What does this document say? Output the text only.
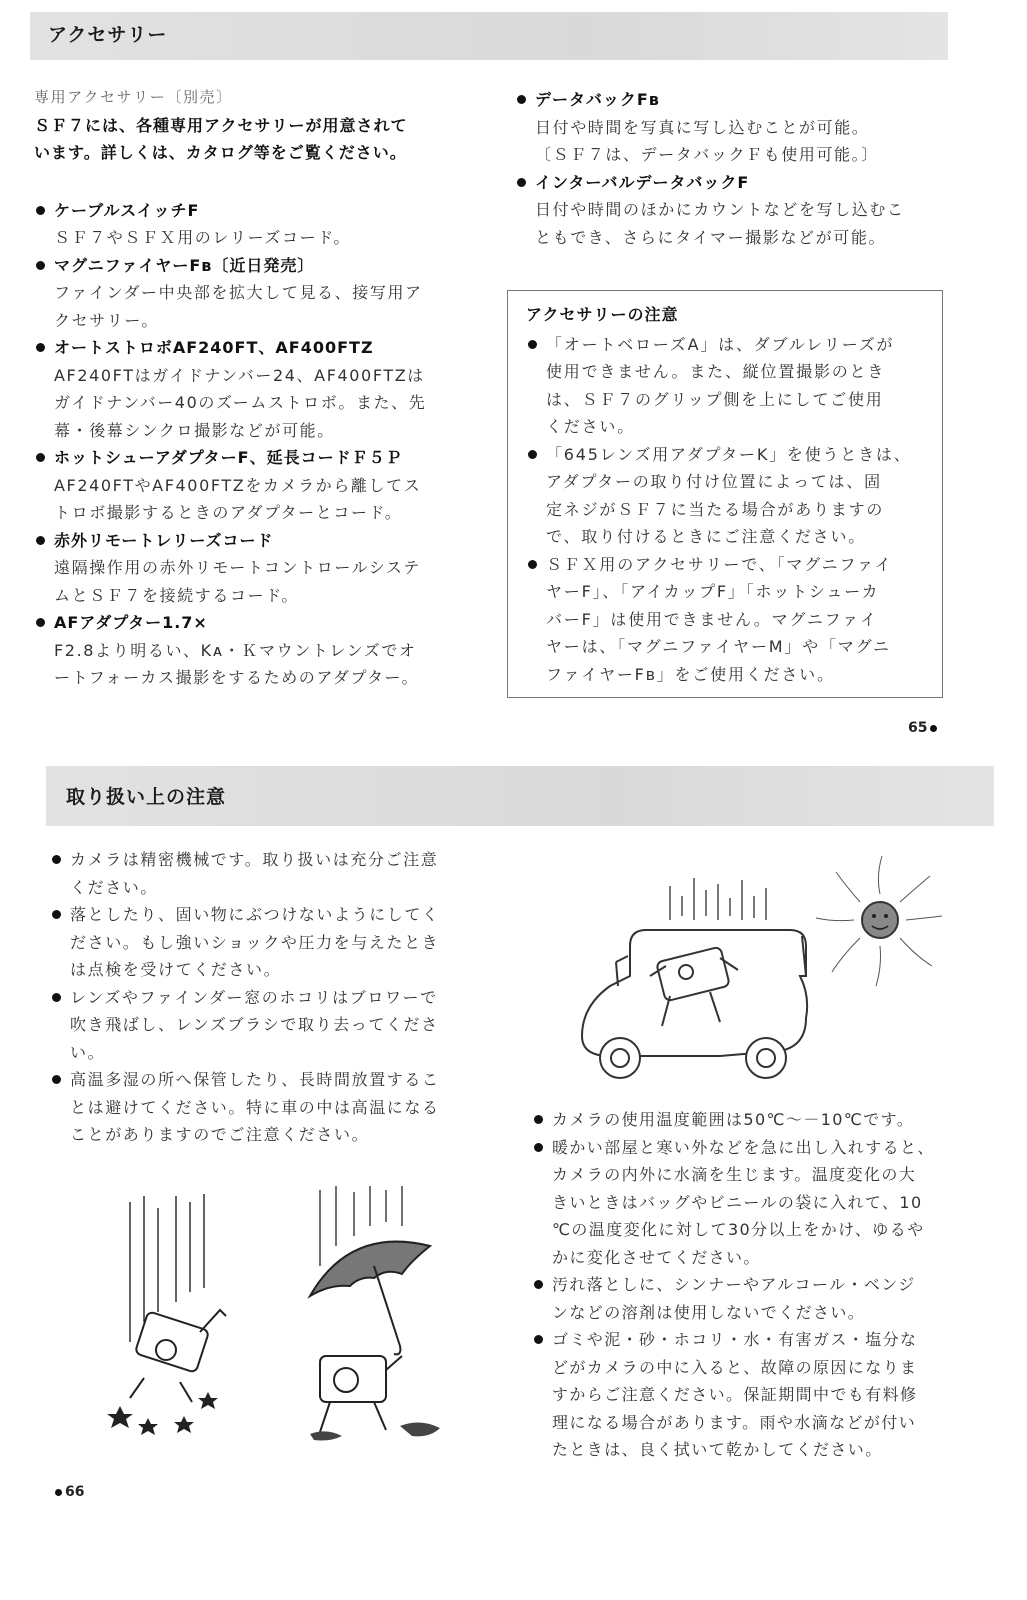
アクセサリー
専用アクセサリー〔別売〕
ＳＦ７には、各種専用アクセサリーが用意されて
います。詳しくは、カタログ等をご覧ください。
ケーブルスイッチF
ＳＦ７やＳＦＸ用のレリーズコード。
マグニファイヤーFʙ〔近日発売〕
ファインダー中央部を拡大して見る、接写用ア
クセサリー。
オートストロボAF240FT、AF400FTZ
AF240FTはガイドナンバー24、AF400FTZは
ガイドナンバー40のズームストロボ。また、先
幕・後幕シンクロ撮影などが可能。
ホットシューアダプターF、延長コードＦ５Ｐ
AF240FTやAF400FTZをカメラから離してス
トロボ撮影するときのアダプターとコード。
赤外リモートレリーズコード
遠隔操作用の赤外リモートコントロールシステ
ムとＳＦ７を接続するコード。
AFアダプター1.7×
F2.8より明るい、Kᴀ・Ｋマウントレンズでオ
ートフォーカス撮影をするためのアダプター。
データバックFʙ
日付や時間を写真に写し込むことが可能。
〔ＳＦ７は、データバックＦも使用可能。〕
インターバルデータバックF
日付や時間のほかにカウントなどを写し込むこ
ともでき、さらにタイマー撮影などが可能。
アクセサリーの注意
「オートベローズA」は、ダブルレリーズが
使用できません。また、縦位置撮影のとき
は、ＳＦ７のグリップ側を上にしてご使用
ください。
「645レンズ用アダプターK」を使うときは、
アダプターの取り付け位置によっては、固
定ネジがＳＦ７に当たる場合がありますの
で、取り付けるときにご注意ください。
ＳＦＸ用のアクセサリーで、「マグニファイ
ヤーF」、「アイカップF」「ホットシューカ
バーF」は使用できません。マグニファイ
ヤーは、「マグニファイヤーM」や「マグニ
ファイヤーFʙ」をご使用ください。
65
取り扱い上の注意
カメラは精密機械です。取り扱いは充分ご注意
ください。
落としたり、固い物にぶつけないようにしてく
ださい。もし強いショックや圧力を与えたとき
は点検を受けてください。
レンズやファインダー窓のホコリはブロワーで
吹き飛ばし、レンズブラシで取り去ってくださ
い。
高温多湿の所へ保管したり、長時間放置するこ
とは避けてください。特に車の中は高温になる
ことがありますのでご注意ください。
カメラの使用温度範囲は50℃〜－10℃です。
暖かい部屋と寒い外などを急に出し入れすると、
カメラの内外に水滴を生じます。温度変化の大
きいときはバッグやビニールの袋に入れて、10
℃の温度変化に対して30分以上をかけ、ゆるや
かに変化させてください。
汚れ落としに、シンナーやアルコール・ベンジ
ンなどの溶剤は使用しないでください。
ゴミや泥・砂・ホコリ・水・有害ガス・塩分な
どがカメラの中に入ると、故障の原因になりま
すからご注意ください。保証期間中でも有料修
理になる場合があります。雨や水滴などが付い
たときは、良く拭いて乾かしてください。
66
